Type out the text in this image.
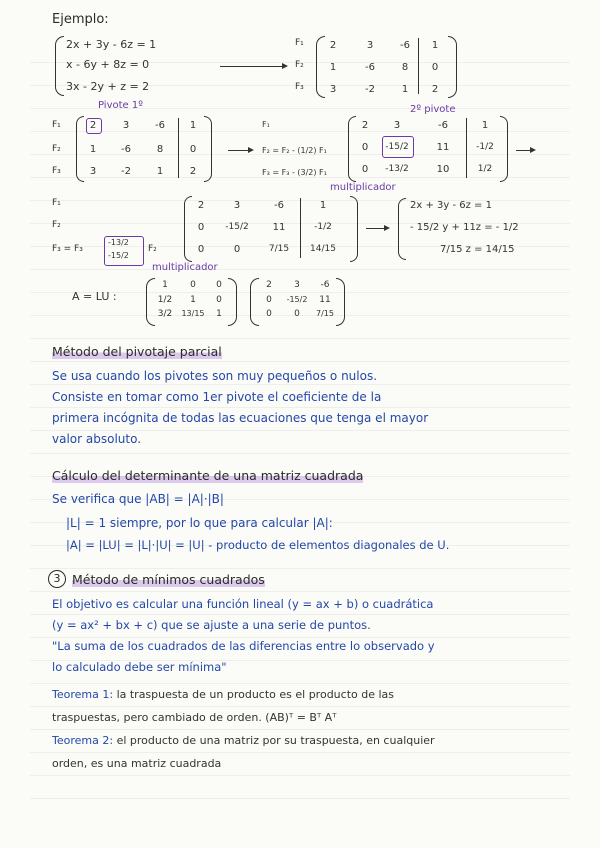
Ejemplo:
2x + 3y - 6z = 1
x - 6y + 8z = 0
3x - 2y + z = 2
F₁
F₂
F₃
2	3	-6	1
1	-6	8	0
3	-2	1	2
Pivote 1º
F₁
F₂
F₃
2	3	-6	1
1	-6	8	0
3	-2	1	2
F₁
F₂ = F₂ - (1/2) F₁
F₃ = F₃ - (3/2) F₁
multiplicador
2º pivote
2	3	-6	1
0	-15/2	11	-1/2
0	-13/2	10	1/2
F₁
F₂
F₃ = F₃
-13/2
-15/2
F₂
multiplicador
2	3	-6	1
0	-15/2	11	-1/2
0	0	7/15	14/15
2x + 3y - 6z = 1
- 15/2 y + 11z = - 1/2
7/15 z = 14/15
A = LU :
1	0	0
1/2	1	0
3/2	13/15	1
2	3	-6
0	-15/2	11
0	0	7/15
Método del pivotaje parcial
Se usa cuando los pivotes son muy pequeños o nulos.
Consiste en tomar como 1er pivote el coeficiente de la
primera incógnita de todas las ecuaciones que tenga el mayor
valor absoluto.
Cálculo del determinante de una matriz cuadrada
Se verifica que |AB| = |A|·|B|
|L| = 1 siempre, por lo que para calcular |A|:
|A| = |LU| = |L|·|U| = |U| - producto de elementos diagonales de U.
3 Método de mínimos cuadrados
El objetivo es calcular una función lineal (y = ax + b) o cuadrática
(y = ax² + bx + c) que se ajuste a una serie de puntos.
"La suma de los cuadrados de las diferencias entre lo observado y
lo calculado debe ser mínima"
Teorema 1: la traspuesta de un producto es el producto de las
traspuestas, pero cambiado de orden. (AB)ᵀ = Bᵀ Aᵀ
Teorema 2: el producto de una matriz por su traspuesta, en cualquier
orden, es una matriz cuadrada
